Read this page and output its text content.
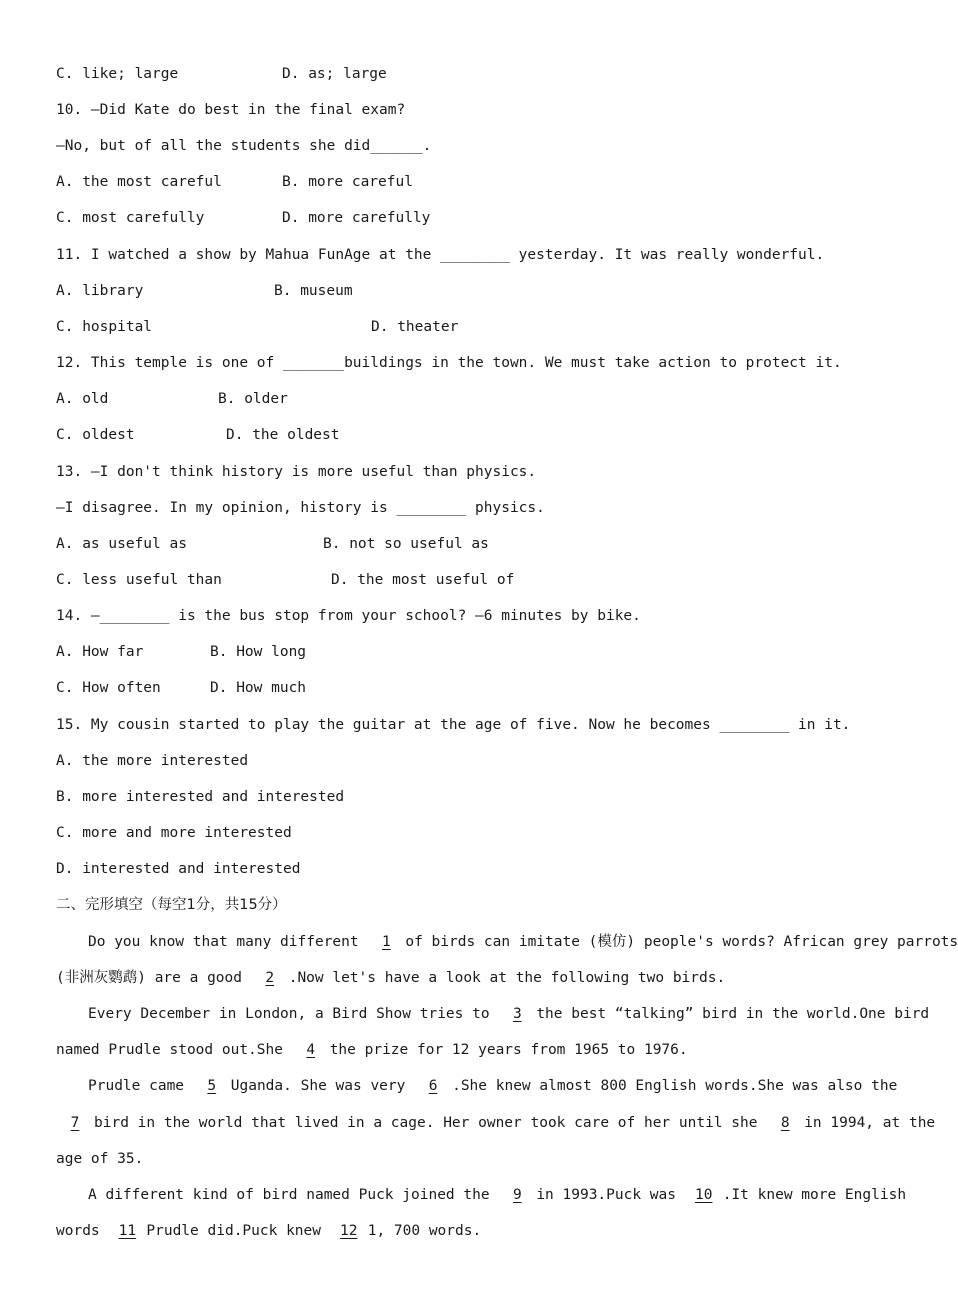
C. like; large	D. as; large
10. —Did Kate do best in the final exam?
—No, but of all the students she did______.
A. the most careful	B. more careful
C. most carefully	D. more carefully
11. I watched a show by Mahua FunAge at the ________ yesterday. It was really wonderful.
A. library	B. museum
C. hospital	D. theater
12. This temple is one of _______buildings in the town. We must take action to protect it.
A. old	B. older
C. oldest	D. the oldest
13. —I don't think history is more useful than physics.
—I disagree. In my opinion, history is ________ physics.
A. as useful as	B. not so useful as
C. less useful than	D. the most useful of
14. —________ is the bus stop from your school? —6 minutes by bike.
A. How far	B. How long
C. How often	D. How much
15. My cousin started to play the guitar at the age of five. Now he becomes ________ in it.
A. the more interested
B. more interested and interested
C. more and more interested
D. interested and interested
二、完形填空（每空1分，共15分）
Do you know that many different 1 of birds can imitate (模仿) people's words? African grey parrots
(非洲灰鹦鹉) are a good 2 .Now let's have a look at the following two birds.
Every December in London, a Bird Show tries to 3 the best “talking” bird in the world.One bird
named Prudle stood out.She 4 the prize for 12 years from 1965 to 1976.
Prudle came 5 Uganda. She was very 6 .She knew almost 800 English words.She was also the
7 bird in the world that lived in a cage. Her owner took care of her until she 8 in 1994, at the
age of 35.
A different kind of bird named Puck joined the 9 in 1993.Puck was 10 .It knew more English
words 11 Prudle did.Puck knew 12 1, 700 words.
